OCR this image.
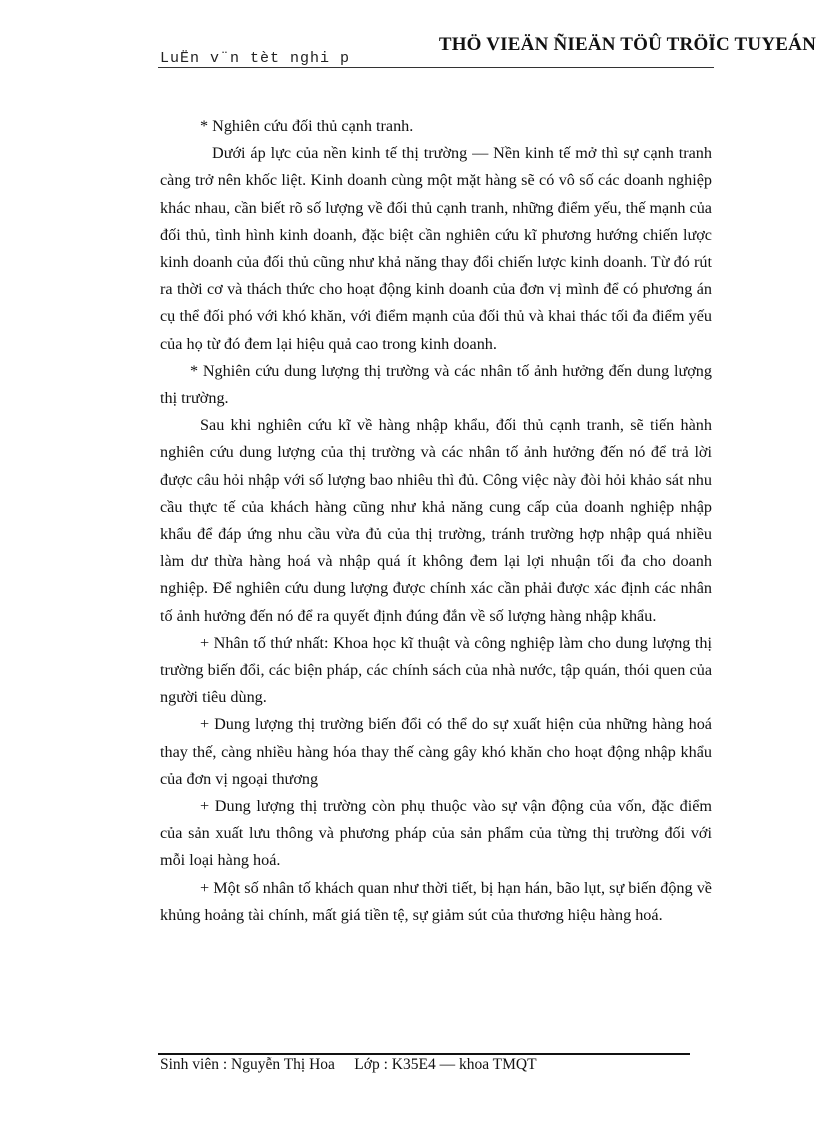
LuËn v¨n tèt nghi p
THÖ VIEÄN ÑIEÄN TÖÛ TRÖÏC TUYEÁN

* Nghiên cứu đối thủ cạnh tranh.

Dưới áp lực của nền kinh tế thị trường — Nền kinh tế mở thì sự cạnh tranh càng trở nên khốc liệt. Kinh doanh cùng một mặt hàng sẽ có vô số các doanh nghiệp khác nhau, cần biết rõ số lượng về đối thủ cạnh tranh, những điểm yếu, thế mạnh của đối thủ, tình hình kinh doanh, đặc biệt cần nghiên cứu kĩ phương hướng chiến lược kinh doanh của đối thủ cũng như khả năng thay đổi chiến lược kinh doanh. Từ đó rút ra thời cơ và thách thức cho hoạt động kinh doanh của đơn vị mình để có phương án cụ thể đối phó với khó khăn, với điểm mạnh của đối thủ và khai thác tối đa điểm yếu của họ từ đó đem lại hiệu quả cao trong kinh doanh.

* Nghiên cứu dung lượng thị trường và các nhân tố ảnh hưởng đến dung lượng thị trường.

Sau khi nghiên cứu kĩ về hàng nhập khẩu, đối thủ cạnh tranh, sẽ tiến hành nghiên cứu dung lượng của thị trường và các nhân tố ảnh hưởng đến nó để trả lời được câu hỏi nhập với số lượng bao nhiêu thì đủ. Công việc này đòi hỏi khảo sát nhu cầu thực tế của khách hàng cũng như khả năng cung cấp của doanh nghiệp nhập khẩu để đáp ứng nhu cầu vừa đủ của thị trường, tránh trường hợp nhập quá nhiều làm dư thừa hàng hoá và nhập quá ít không đem lại lợi nhuận tối đa cho doanh nghiệp. Để nghiên cứu dung lượng được chính xác cần phải được xác định các nhân tố ảnh hưởng đến nó để ra quyết định đúng đắn về số lượng hàng nhập khẩu.

+ Nhân tố thứ nhất: Khoa học kĩ thuật và công nghiệp làm cho dung lượng thị trường biến đổi, các biện pháp, các chính sách của nhà nước, tập quán, thói quen của người tiêu dùng.

+ Dung lượng thị trường biến đổi có thể do sự xuất hiện của những hàng hoá thay thế, càng nhiều hàng hóa thay thế càng gây khó khăn cho hoạt động nhập khẩu của đơn vị ngoại thương

+ Dung lượng thị trường còn phụ thuộc vào sự vận động của vốn, đặc điểm của sản xuất lưu thông và phương pháp của sản phẩm của từng thị trường đối với mỗi loại hàng hoá.

+ Một số nhân tố khách quan như thời tiết, bị hạn hán, bão lụt, sự biến động về khủng hoảng tài chính, mất giá tiền tệ, sự giảm sút của thương hiệu hàng hoá.

Sinh viên : Nguyễn Thị Hoa     Lớp : K35E4 — khoa TMQT
